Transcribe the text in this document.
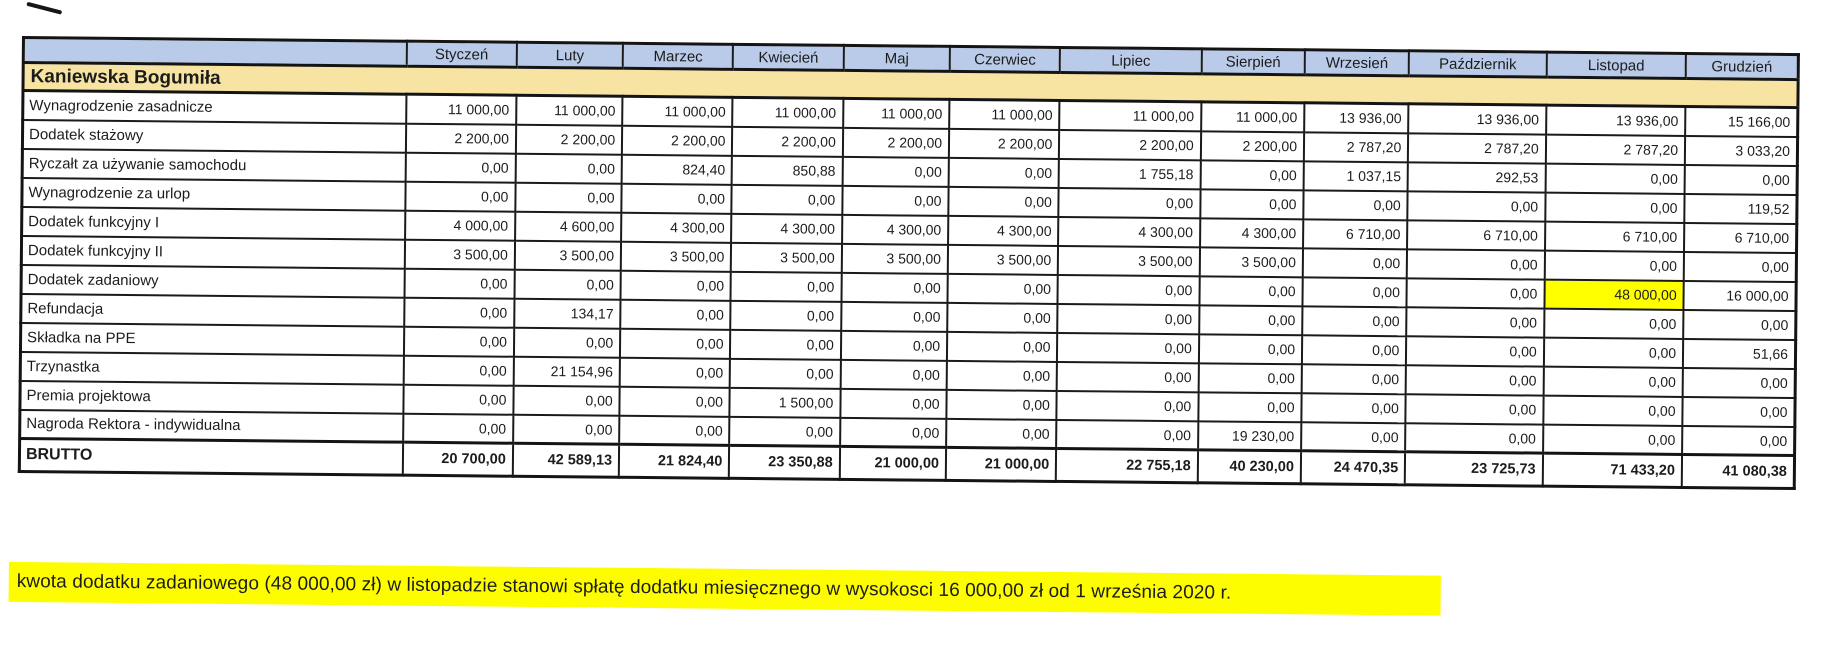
	Styczeń	Luty	Marzec	Kwiecień	Maj	Czerwiec	Lipiec	Sierpień	Wrzesień	Październik	Listopad	Grudzień
Kaniewska Bogumiła												
Wynagrodzenie zasadnicze	11 000,00	11 000,00	11 000,00	11 000,00	11 000,00	11 000,00	11 000,00	11 000,00	13 936,00	13 936,00	13 936,00	15 166,00
Dodatek stażowy	2 200,00	2 200,00	2 200,00	2 200,00	2 200,00	2 200,00	2 200,00	2 200,00	2 787,20	2 787,20	2 787,20	3 033,20
Ryczałt za używanie samochodu	0,00	0,00	824,40	850,88	0,00	0,00	1 755,18	0,00	1 037,15	292,53	0,00	0,00
Wynagrodzenie za urlop	0,00	0,00	0,00	0,00	0,00	0,00	0,00	0,00	0,00	0,00	0,00	119,52
Dodatek funkcyjny I	4 000,00	4 600,00	4 300,00	4 300,00	4 300,00	4 300,00	4 300,00	4 300,00	6 710,00	6 710,00	6 710,00	6 710,00
Dodatek funkcyjny II	3 500,00	3 500,00	3 500,00	3 500,00	3 500,00	3 500,00	3 500,00	3 500,00	0,00	0,00	0,00	0,00
Dodatek zadaniowy	0,00	0,00	0,00	0,00	0,00	0,00	0,00	0,00	0,00	0,00	48 000,00	16 000,00
Refundacja	0,00	134,17	0,00	0,00	0,00	0,00	0,00	0,00	0,00	0,00	0,00	0,00
Składka na PPE	0,00	0,00	0,00	0,00	0,00	0,00	0,00	0,00	0,00	0,00	0,00	51,66
Trzynastka	0,00	21 154,96	0,00	0,00	0,00	0,00	0,00	0,00	0,00	0,00	0,00	0,00
Premia projektowa	0,00	0,00	0,00	1 500,00	0,00	0,00	0,00	0,00	0,00	0,00	0,00	0,00
Nagroda Rektora - indywidualna	0,00	0,00	0,00	0,00	0,00	0,00	0,00	19 230,00	0,00	0,00	0,00	0,00
BRUTTO	20 700,00	42 589,13	21 824,40	23 350,88	21 000,00	21 000,00	22 755,18	40 230,00	24 470,35	23 725,73	71 433,20	41 080,38
kwota dodatku zadaniowego (48 000,00 zł) w listopadzie stanowi spłatę dodatku miesięcznego w wysokosci 16 000,00 zł od 1 września 2020 r.
